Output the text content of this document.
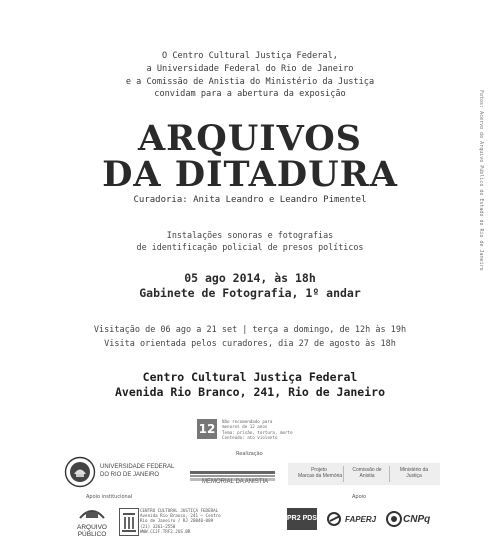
O Centro Cultural Justiça Federal,
a Universidade Federal do Rio de Janeiro
e a Comissão de Anistia do Ministério da Justiça
convidam para a abertura da exposição
ARQUIVOS
DA DITADURA
Curadoria: Anita Leandro e Leandro Pimentel
Instalações sonoras e fotografias
de identificação policial de presos políticos
05 ago 2014, às 18h
Gabinete de Fotografia, 1º andar
Visitação de 06 ago a 21 set | terça a domingo, de 12h às 19h
Visita orientada pelos curadores, dia 27 de agosto às 18h
Centro Cultural Justiça Federal
Avenida Rio Branco, 241, Rio de Janeiro
Fotos: Acervo do Arquivo Público do Estado do Rio de Janeiro
12
Não recomendado para
menores de 12 anos
Tema: prisão, tortura, morte
Conteúdo: ato violento
Realização
UNIVERSIDADE FEDERAL
DO RIO DE JANEIRO
MEMORIAL DA ANISTIA
Projeto
Marcas da Memória
Comissão de
Anistia
Ministério da
Justiça
Apoio institucional
ARQUIVO
PÚBLICO
CENTRO CULTURAL JUSTIÇA FEDERAL
Avenida Rio Branco, 241 – Centro
Rio de Janeiro / RJ 20040-009
(21) 3261-2550
WWW.CCJF.TRF2.JUS.BR
Apoio
PR2 PDS	FAPERJ	CNPq
